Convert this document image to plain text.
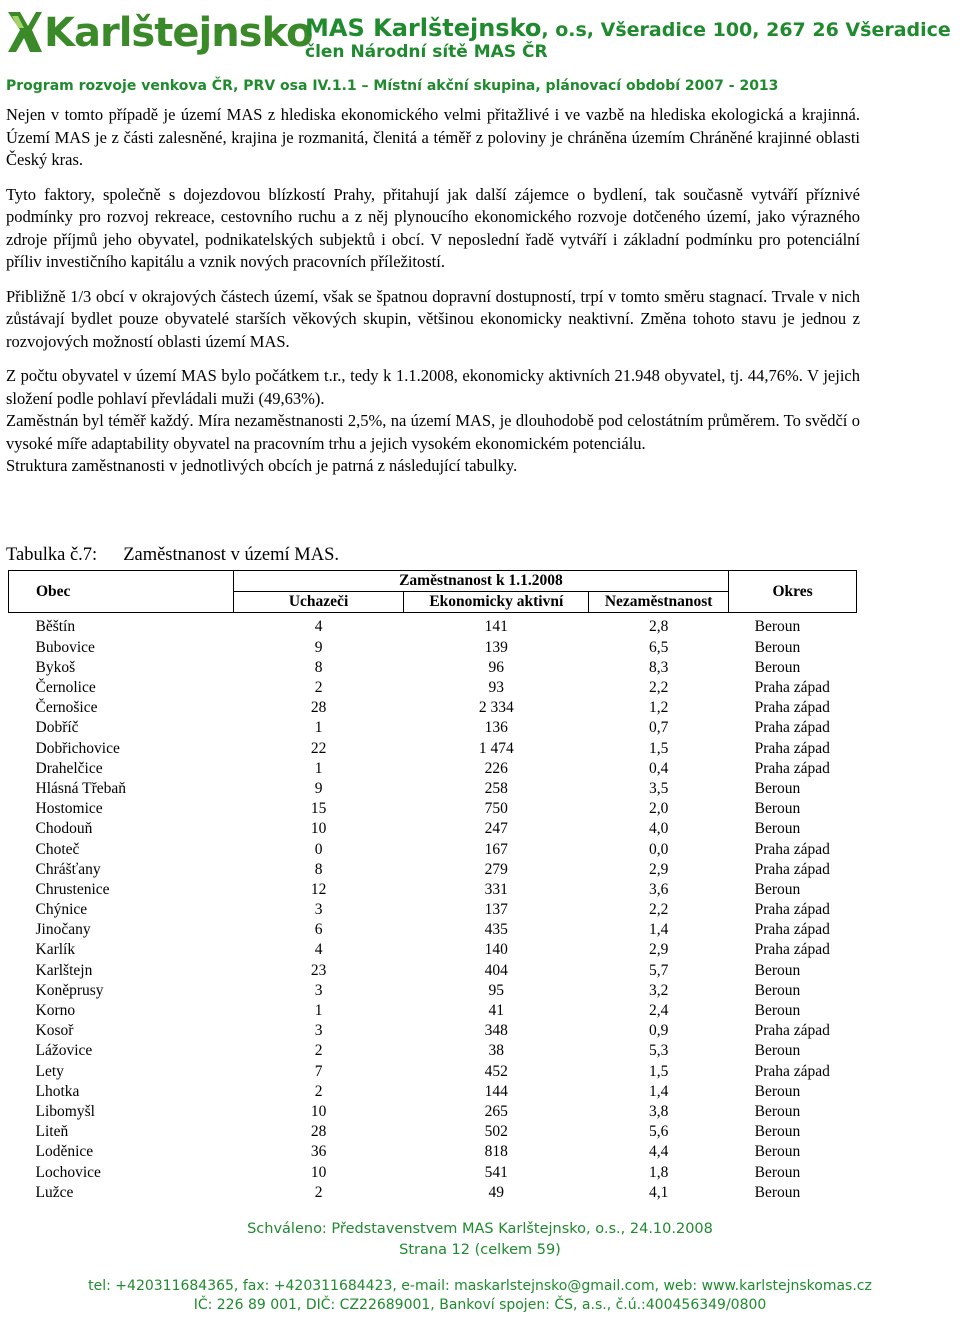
Karlštejnsko
MAS Karlštejnsko, o.s, Všeradice 100, 267 26 Všeradice
člen Národní sítě MAS ČR
Program rozvoje venkova ČR, PRV osa IV.1.1 – Místní akční skupina, plánovací období 2007 - 2013

Nejen v tomto případě je území MAS z hlediska ekonomického velmi přitažlivé i ve vazbě na hlediska ekologická a krajinná. Území MAS je z části zalesněné, krajina je rozmanitá, členitá a téměř z poloviny je chráněna územím Chráněné krajinné oblasti Český kras.

Tyto faktory, společně s dojezdovou blízkostí Prahy, přitahují jak další zájemce o bydlení, tak současně vytváří příznivé podmínky pro rozvoj rekreace, cestovního ruchu a z něj plynoucího ekonomického rozvoje dotčeného území, jako výrazného zdroje příjmů jeho obyvatel, podnikatelských subjektů i obcí. V neposlední řadě vytváří i základní podmínku pro potenciální příliv investičního kapitálu a vznik nových pracovních příležitostí.

Přibližně 1/3 obcí v okrajových částech území, však se špatnou dopravní dostupností, trpí v tomto směru stagnací. Trvale v nich zůstávají bydlet pouze obyvatelé starších věkových skupin, většinou ekonomicky neaktivní. Změna tohoto stavu je jednou z rozvojových možností oblasti území MAS.

Z počtu obyvatel v území MAS bylo počátkem t.r., tedy k 1.1.2008, ekonomicky aktivních 21.948 obyvatel, tj. 44,76%. V jejich složení podle pohlaví převládali muži (49,63%).

Zaměstnán byl téměř každý. Míra nezaměstnanosti 2,5%, na území MAS, je dlouhodobě pod celostátním průměrem. To svědčí o vysoké míře adaptability obyvatel na pracovním trhu a jejich vysokém ekonomickém potenciálu.

Struktura zaměstnanosti v jednotlivých obcích je patrná z následující tabulky.

Tabulka č.7: Zaměstnanost v území MAS.
Obec	Zaměstnanost k 1.1.2008			Okres
	Uchazeči	Ekonomicky aktivní	Nezaměstnanost	
Běštín	4	141	2,8	Beroun
Bubovice	9	139	6,5	Beroun
Bykoš	8	96	8,3	Beroun
Černolice	2	93	2,2	Praha západ
Černošice	28	2 334	1,2	Praha západ
Dobříč	1	136	0,7	Praha západ
Dobřichovice	22	1 474	1,5	Praha západ
Drahelčice	1	226	0,4	Praha západ
Hlásná Třebaň	9	258	3,5	Beroun
Hostomice	15	750	2,0	Beroun
Chodouň	10	247	4,0	Beroun
Choteč	0	167	0,0	Praha západ
Chrášťany	8	279	2,9	Praha západ
Chrustenice	12	331	3,6	Beroun
Chýnice	3	137	2,2	Praha západ
Jinočany	6	435	1,4	Praha západ
Karlík	4	140	2,9	Praha západ
Karlštejn	23	404	5,7	Beroun
Koněprusy	3	95	3,2	Beroun
Korno	1	41	2,4	Beroun
Kosoř	3	348	0,9	Praha západ
Lážovice	2	38	5,3	Beroun
Lety	7	452	1,5	Praha západ
Lhotka	2	144	1,4	Beroun
Libomyšl	10	265	3,8	Beroun
Liteň	28	502	5,6	Beroun
Loděnice	36	818	4,4	Beroun
Lochovice	10	541	1,8	Beroun
Lužce	2	49	4,1	Beroun
Schváleno: Představenstvem MAS Karlštejnsko, o.s., 24.10.2008
Strana 12 (celkem 59)
tel: +420311684365, fax: +420311684423, e-mail: maskarlstejnsko@gmail.com, web: www.karlstejnskomas.cz
IČ: 226 89 001, DIČ: CZ22689001, Bankoví spojen: ČS, a.s., č.ú.:400456349/0800
